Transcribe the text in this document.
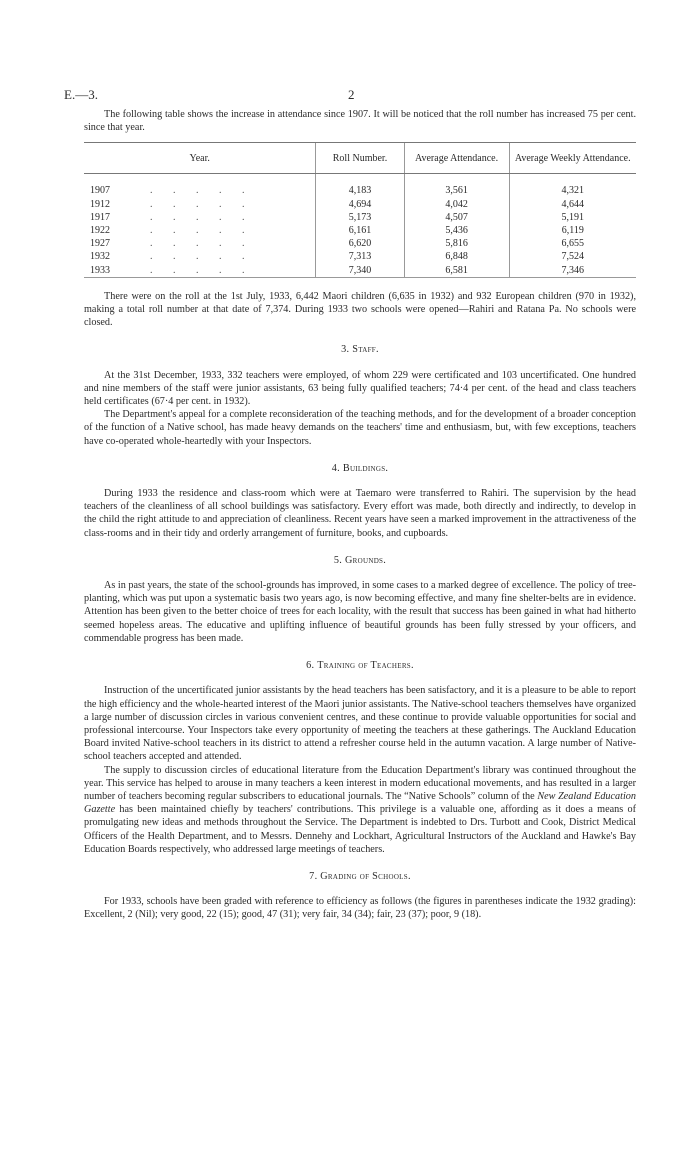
E.—3.	2

The following table shows the increase in attendance since 1907. It will be noticed that the roll number has increased 75 per cent. since that year.

Year.	Roll Number.	Average Attendance.	Average Weekly Attendance.

1907 . . . . .	4,183	3,561	4,321
1912 . . . . .	4,694	4,042	4,644
1917 . . . . .	5,173	4,507	5,191
1922 . . . . .	6,161	5,436	6,119
1927 . . . . .	6,620	5,816	6,655
1932 . . . . .	7,313	6,848	7,524
1933 . . . . .	7,340	6,581	7,346

There were on the roll at the 1st July, 1933, 6,442 Maori children (6,635 in 1932) and 932 European children (970 in 1932), making a total roll number at that date of 7,374. During 1933 two schools were opened—Rahiri and Ratana Pa. No schools were closed.

3. Staff.

At the 31st December, 1933, 332 teachers were employed, of whom 229 were certificated and 103 uncertificated. One hundred and nine members of the staff were junior assistants, 63 being fully qualified teachers; 74·4 per cent. of the head and class teachers held certificates (67·4 per cent. in 1932).

The Department's appeal for a complete reconsideration of the teaching methods, and for the development of a broader conception of the function of a Native school, has made heavy demands on the teachers' time and enthusiasm, but, with few exceptions, teachers have co-operated whole-heartedly with your Inspectors.

4. Buildings.

During 1933 the residence and class-room which were at Taemaro were transferred to Rahiri. The supervision by the head teachers of the cleanliness of all school buildings was satisfactory. Every effort was made, both directly and indirectly, to develop in the child the right attitude to and appreciation of cleanliness. Recent years have seen a marked improvement in the attractiveness of the class-rooms and in their tidy and orderly arrangement of furniture, books, and cupboards.

5. Grounds.

As in past years, the state of the school-grounds has improved, in some cases to a marked degree of excellence. The policy of tree-planting, which was put upon a systematic basis two years ago, is now becoming effective, and many fine shelter-belts are in evidence. Attention has been given to the better choice of trees for each locality, with the result that success has been gained in what had hitherto seemed hopeless areas. The educative and uplifting influence of beautiful grounds has been fully stressed by your officers, and commendable progress has been made.

6. Training of Teachers.

Instruction of the uncertificated junior assistants by the head teachers has been satisfactory, and it is a pleasure to be able to report the high efficiency and the whole-hearted interest of the Maori junior assistants. The Native-school teachers themselves have organized a large number of discussion circles in various convenient centres, and these continue to provide valuable opportunities for social and professional intercourse. Your Inspectors take every opportunity of meeting the teachers at these gatherings. The Auckland Education Board invited Native-school teachers in its district to attend a refresher course held in the autumn vacation. A large number of Native-school teachers accepted and attended.

The supply to discussion circles of educational literature from the Education Department's library was continued throughout the year. This service has helped to arouse in many teachers a keen interest in modern educational movements, and has resulted in a larger number of teachers becoming regular subscribers to educational journals. The “Native Schools” column of the New Zealand Education Gazette has been maintained chiefly by teachers' contributions. This privilege is a valuable one, affording as it does a means of promulgating new ideas and methods throughout the Service. The Department is indebted to Drs. Turbott and Cook, District Medical Officers of the Health Department, and to Messrs. Dennehy and Lockhart, Agricultural Instructors of the Auckland and Hawke's Bay Education Boards respectively, who addressed large meetings of teachers.

7. Grading of Schools.

For 1933, schools have been graded with reference to efficiency as follows (the figures in parentheses indicate the 1932 grading): Excellent, 2 (Nil); very good, 22 (15); good, 47 (31); very fair, 34 (34); fair, 23 (37); poor, 9 (18).
